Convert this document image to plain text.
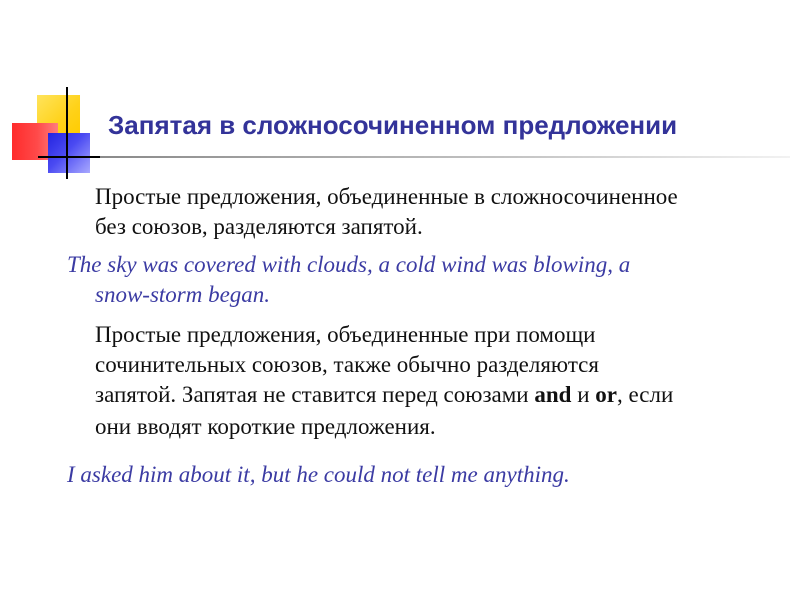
Запятая в сложносочиненном предложении
Простые предложения, объединенные в сложносочиненное
без союзов, разделяются запятой.
The sky was covered with clouds, a cold wind was blowing, a
snow-storm began.
Простые предложения, объединенные при помощи
сочинительных союзов, также обычно разделяются
запятой. Запятая не ставится перед союзами and и or, если
они вводят короткие предложения.
I asked him about it, but he could not tell me anything.
